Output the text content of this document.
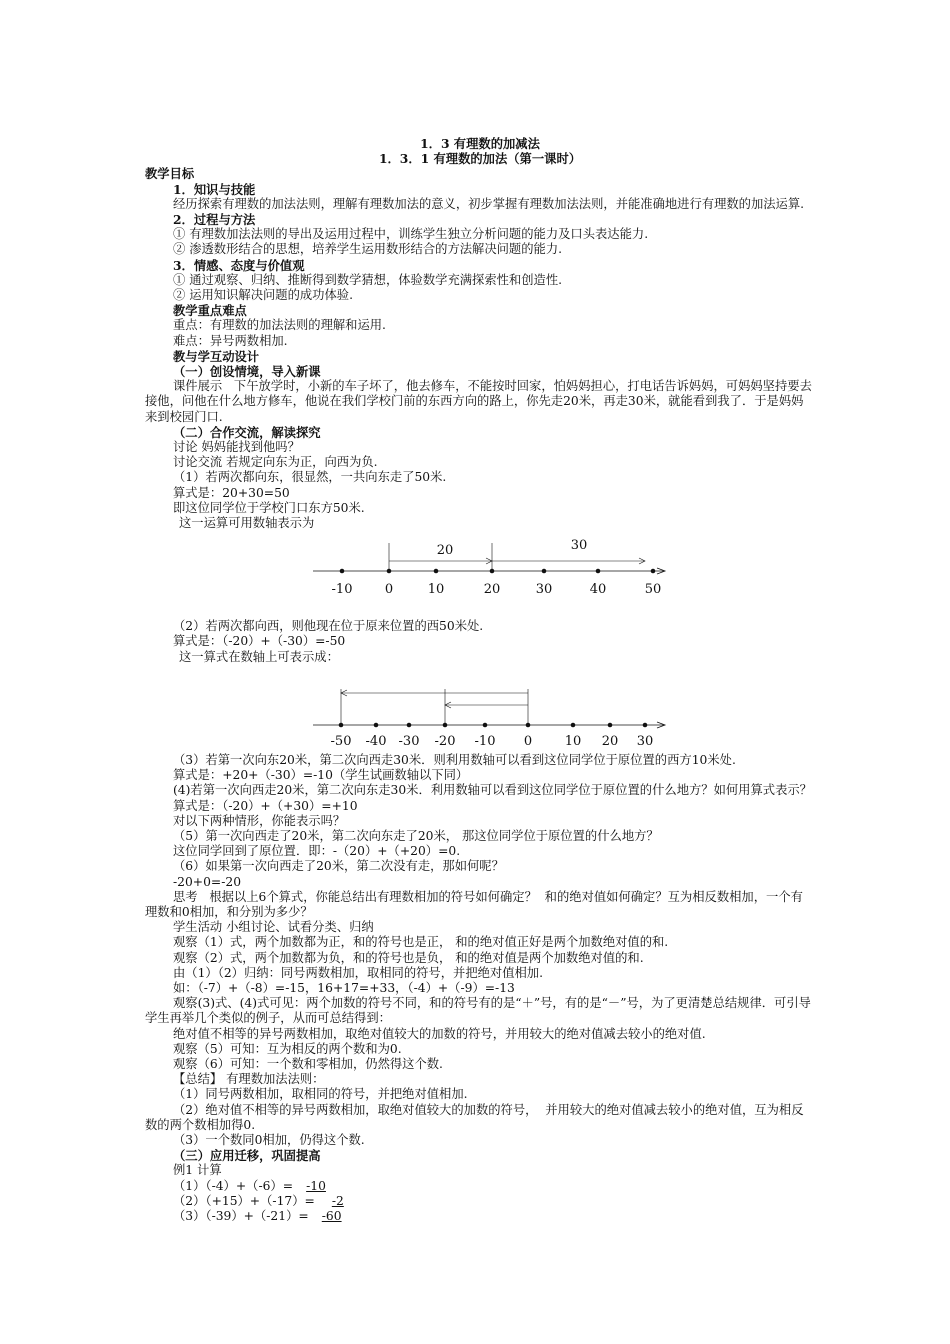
1．3 有理数的加减法
1．3．1 有理数的加法（第一课时）
教学目标
1．知识与技能

经历探索有理数的加法法则，理解有理数加法的意义，初步掌握有理数加法法则，并能准确地进行有理数的加法运算.

2．过程与方法
① 有理数加法法则的导出及运用过程中，训练学生独立分析问题的能力及口头表达能力.
② 渗透数形结合的思想，培养学生运用数形结合的方法解决问题的能力.
3．情感、态度与价值观
① 通过观察、归纳、推断得到数学猜想，体验数学充满探索性和创造性.
② 运用知识解决问题的成功体验.
教学重点难点
重点：有理数的加法法则的理解和运用.
难点：异号两数相加.
教与学互动设计
（一）创设情境，导入新课

课件展示   下午放学时，小新的车子坏了，他去修车，不能按时回家，怕妈妈担心，打电话告诉妈妈，可妈妈坚持要去接他，问他在什么地方修车，他说在我们学校门前的东西方向的路上，你先走20米，再走30米，就能看到我了．于是妈妈来到校园门口.

（二）合作交流，解读探究
讨论 妈妈能找到他吗？
讨论交流 若规定向东为正，向西为负.
（1）若两次都向东，很显然，一共向东走了50米.
算式是：20+30=50
即这位同学位于学校门口东方50米.
这一运算可用数轴表示为
20	30
-10 0	10	20	30	40	50
（2）若两次都向西，则他现在位于原来位置的西50米处.
算式是：（-20）+（-30）=-50
这一算式在数轴上可表示成：
-50 -40 -30 -20 -10 0	10 20 30
（3）若第一次向东20米，第二次向西走30米．则利用数轴可以看到这位同学位于原位置的西方10米处.
算式是：+20+（-30）=-10（学生试画数轴以下同）
(4)若第一次向西走20米，第二次向东走30米．利用数轴可以看到这位同学位于原位置的什么地方？如何用算式表示？
算式是：（-20）+（+30）=+10
对以下两种情形，你能表示吗？
（5）第一次向西走了20米，第二次向东走了20米， 那这位同学位于原位置的什么地方？
这位同学回到了原位置．即：-（20）+（+20）=0.
（6）如果第一次向西走了20米，第二次没有走，那如何呢？
-20+0=-20

思考   根据以上6个算式，你能总结出有理数相加的符号如何确定？  和的绝对值如何确定？互为相反数相加，一个有理数和0相加，和分别为多少？

学生活动 小组讨论、试看分类、归纳
观察（1）式，两个加数都为正，和的符号也是正， 和的绝对值正好是两个加数绝对值的和.
观察（2）式，两个加数都为负，和的符号也是负， 和的绝对值是两个加数绝对值的和.
由（1）（2）归纳：同号两数相加，取相同的符号，并把绝对值相加.
如：（-7）+（-8）=-15，16+17=+33，（-4）+（-9）=-13

观察(3)式、(4)式可见：两个加数的符号不同，和的符号有的是“＋”号，有的是“－”号，为了更清楚总结规律．可引导学生再举几个类似的例子，从而可总结得到：

绝对值不相等的异号两数相加，取绝对值较大的加数的符号，并用较大的绝对值减去较小的绝对值.
观察（5）可知：互为相反的两个数和为0.
观察（6）可知：一个数和零相加，仍然得这个数.
【总结】 有理数加法法则：
（1）同号两数相加，取相同的符号，并把绝对值相加.

（2）绝对值不相等的异号两数相加，取绝对值较大的加数的符号，  并用较大的绝对值减去较小的绝对值，互为相反数的两个数相加得0.

（3）一个数同0相加，仍得这个数.
（三）应用迁移，巩固提高
例1 计算
（1）（-4）+（-6）= -10
（2）（+15）+（-17）= -2
（3）（-39）+（-21）= -60
